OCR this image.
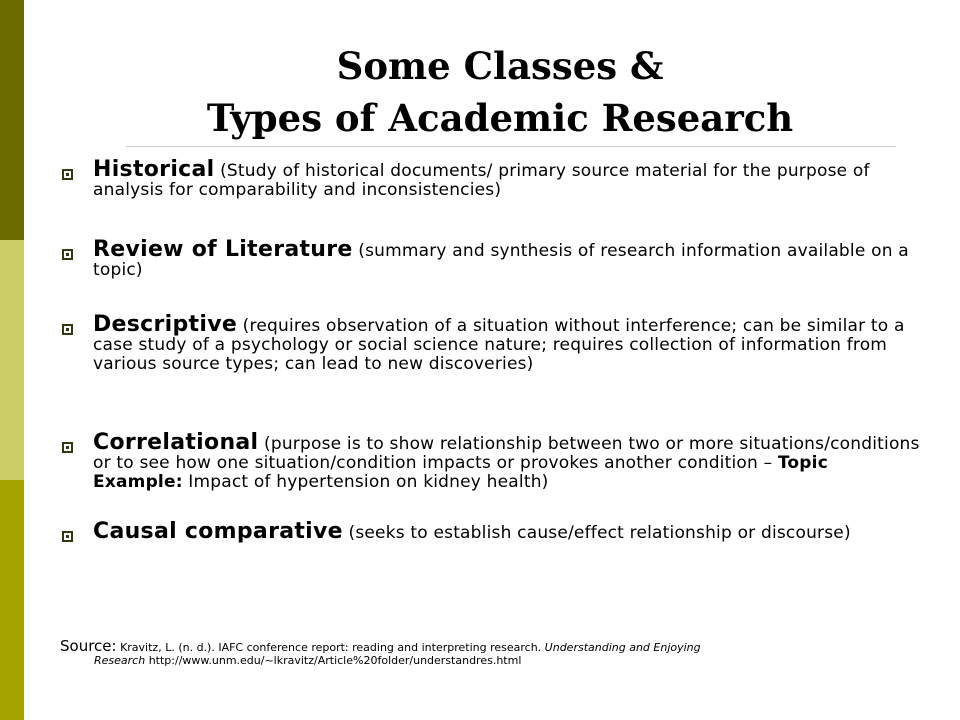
Some Classes &
Types of Academic Research
Historical (Study of historical documents/ primary source material for the purpose of analysis for comparability and inconsistencies)
Review of Literature (summary and synthesis of research information available on a topic)
Descriptive (requires observation of a situation without interference; can be similar to a case study of a psychology or social science nature; requires collection of information from various source types; can lead to new discoveries)
Correlational (purpose is to show relationship between two or more situations/conditions or to see how one situation/condition impacts or provokes another condition – Topic Example: Impact of hypertension on kidney health)
Causal comparative (seeks to establish cause/effect relationship or discourse)
Source: Kravitz, L. (n. d.). IAFC conference report: reading and interpreting research. Understanding and Enjoying
Research http://www.unm.edu/~lkravitz/Article%20folder/understandres.html
